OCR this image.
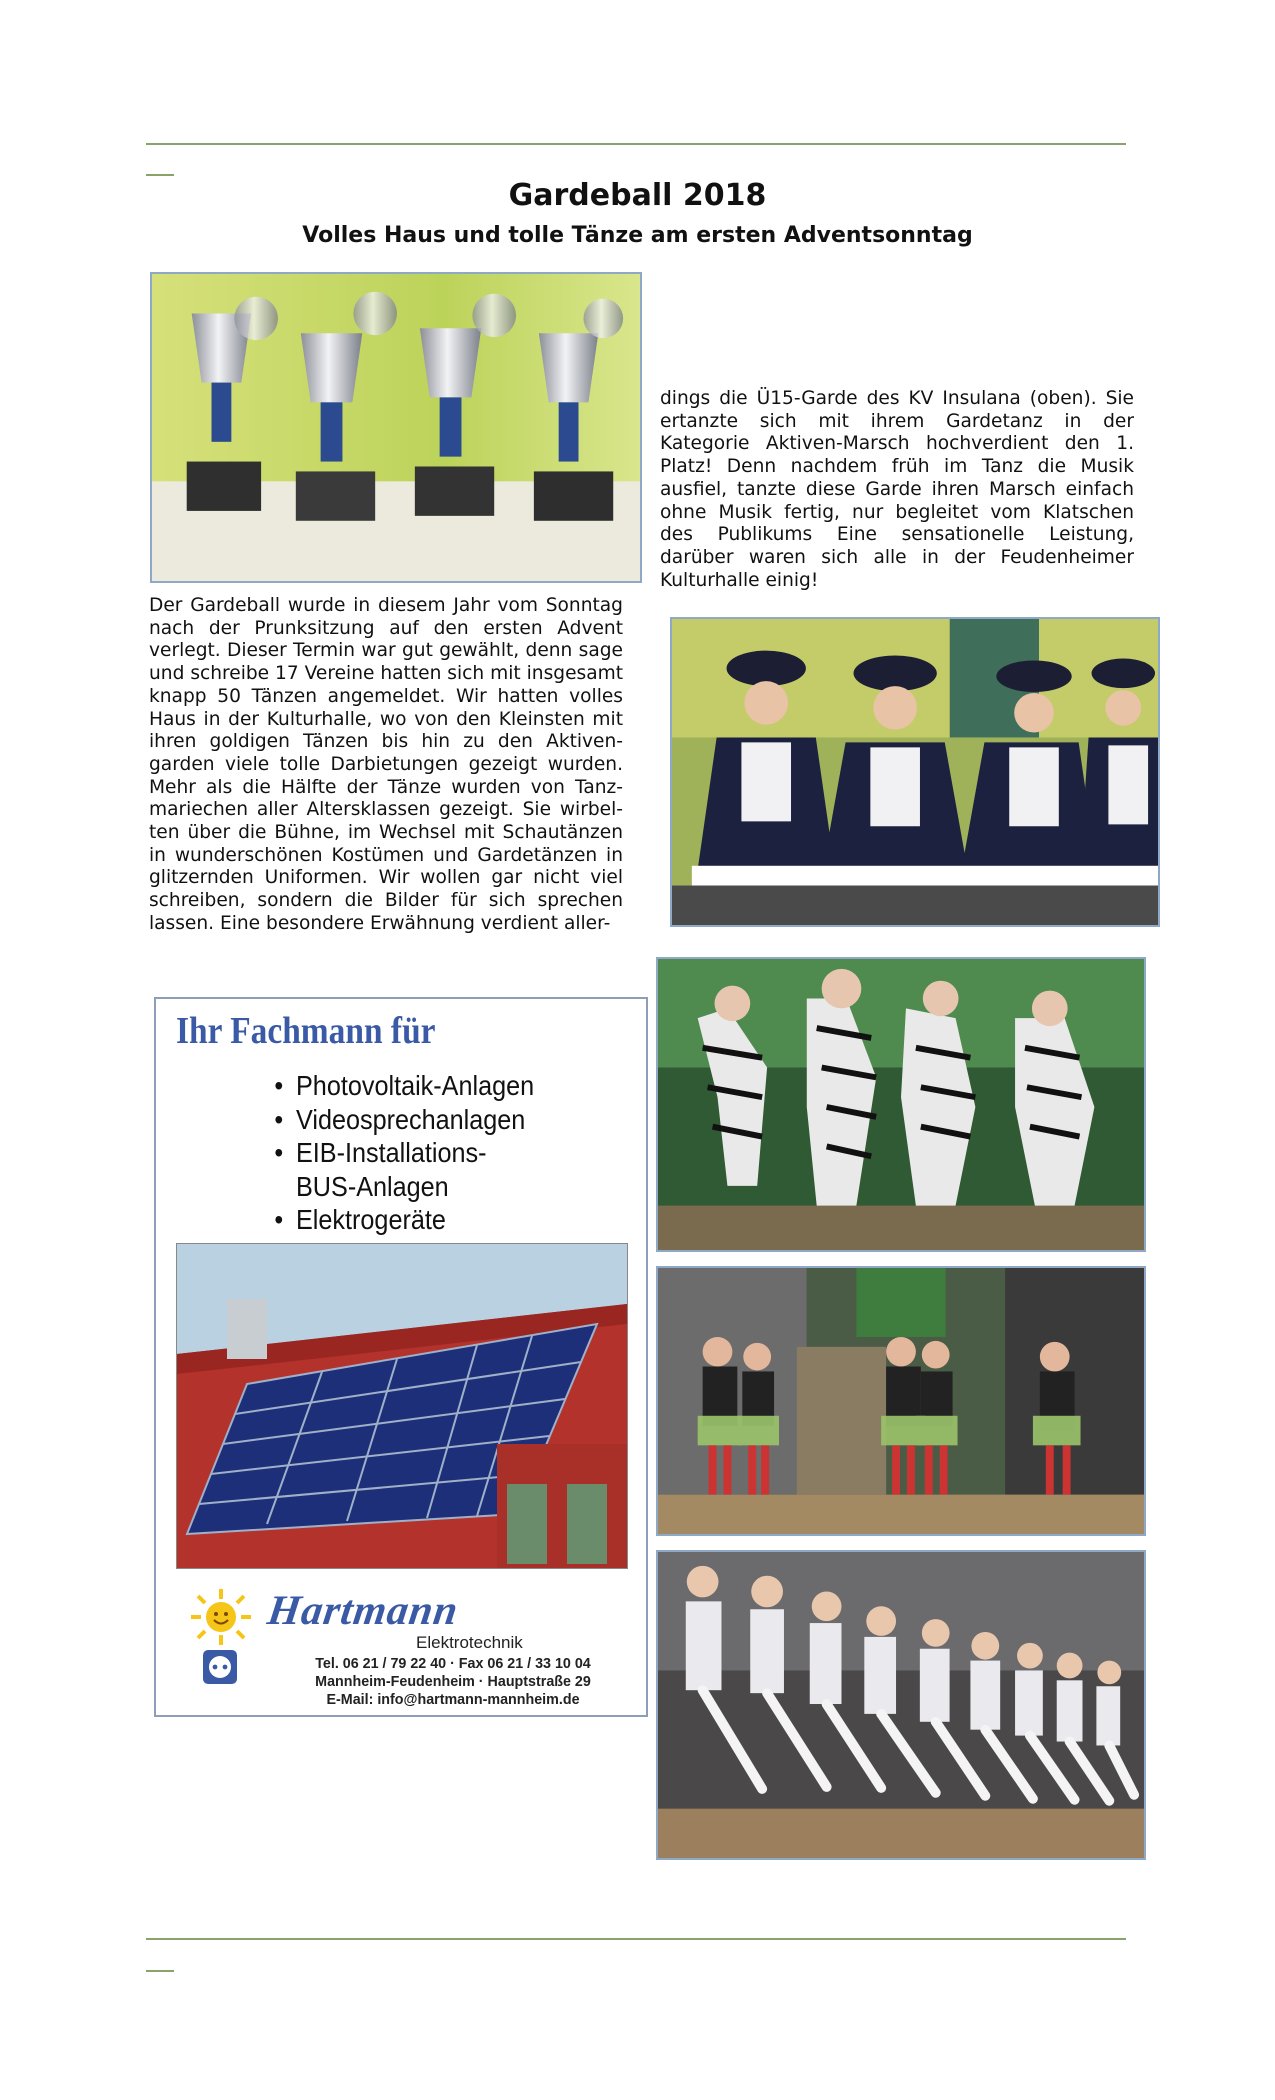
Gardeball 2018
Volles Haus und tolle Tänze am ersten Adventsonntag

Der Gardeball wurde in diesem Jahr vom Sonntag nach der Prunksitzung auf den ersten Advent verlegt. Dieser Termin war gut gewählt, denn sage und schreibe 17 Vereine hatten sich mit insgesamt knapp 50 Tänzen angemeldet. Wir hatten volles Haus in der Kulturhalle, wo von den Kleinsten mit ihren goldigen Tänzen bis hin zu den Aktiven-garden viele tolle Darbietungen gezeigt wurden. Mehr als die Hälfte der Tänze wurden von Tanz-mariechen aller Altersklassen gezeigt. Sie wirbel-ten über die Bühne, im Wechsel mit Schautänzen in wunderschönen Kostümen und Gardetänzen in glitzernden Uniformen. Wir wollen gar nicht viel schreiben, sondern die Bilder für sich sprechen lassen. Eine besondere Erwähnung verdient aller-

dings die Ü15-Garde des KV Insulana (oben). Sie ertanzte sich mit ihrem Gardetanz in der Kategorie Aktiven-Marsch hochverdient den 1. Platz! Denn nachdem früh im Tanz die Musik ausfiel, tanzte diese Garde ihren Marsch einfach ohne Musik fertig, nur begleitet vom Klatschen des Publikums Eine sensationelle Leistung, darüber waren sich alle in der Feudenheimer Kulturhalle einig!

Ihr Fachmann für

• Photovoltaik-Anlagen
• Videosprechanlagen
• EIB-Installations-
BUS-Anlagen
• Elektrogeräte

Hartmann

Elektrotechnik

Tel. 06 21 / 79 22 40 · Fax 06 21 / 33 10 04
Mannheim-Feudenheim · Hauptstraße 29
E-Mail: info@hartmann-mannheim.de
